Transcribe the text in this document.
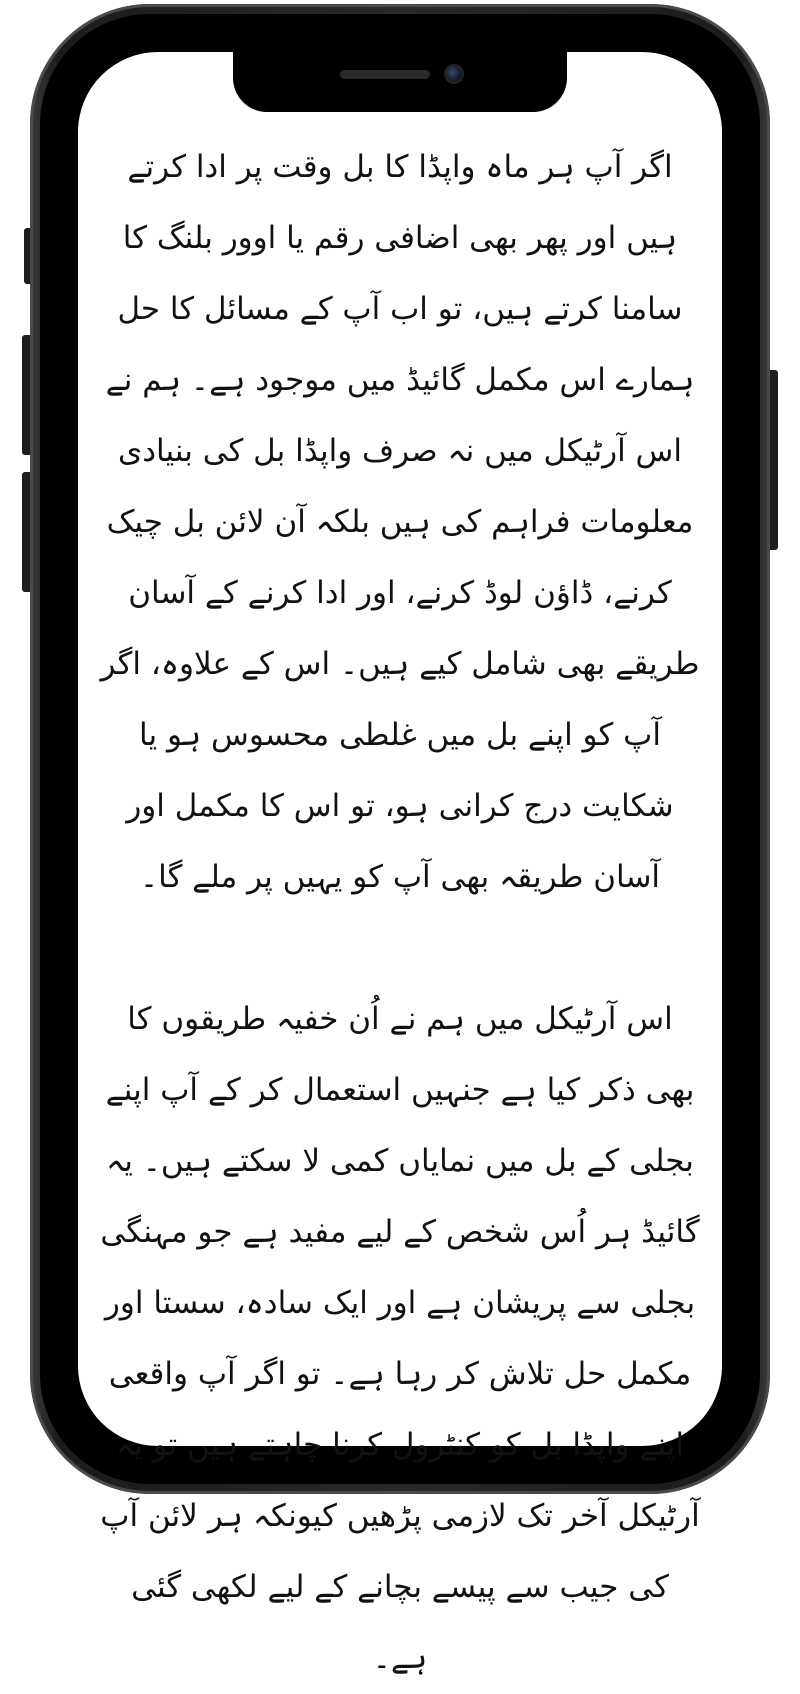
اگر آپ ہر ماہ واپڈا کا بل وقت پر ادا کرتے ہیں اور پھر بھی اضافی رقم یا اوور بلنگ کا سامنا کرتے ہیں، تو اب آپ کے مسائل کا حل ہمارے اس مکمل گائیڈ میں موجود ہے۔ ہم نے اس آرٹیکل میں نہ صرف واپڈا بل کی بنیادی معلومات فراہم کی ہیں بلکہ آن لائن بل چیک کرنے، ڈاؤن لوڈ کرنے، اور ادا کرنے کے آسان طریقے بھی شامل کیے ہیں۔ اس کے علاوہ، اگر آپ کو اپنے بل میں غلطی محسوس ہو یا شکایت درج کرانی ہو، تو اس کا مکمل اور آسان طریقہ بھی آپ کو یہیں پر ملے گا۔

اس آرٹیکل میں ہم نے اُن خفیہ طریقوں کا بھی ذکر کیا ہے جنہیں استعمال کر کے آپ اپنے بجلی کے بل میں نمایاں کمی لا سکتے ہیں۔ یہ گائیڈ ہر اُس شخص کے لیے مفید ہے جو مہنگی بجلی سے پریشان ہے اور ایک سادہ، سستا اور مکمل حل تلاش کر رہا ہے۔ تو اگر آپ واقعی اپنے واپڈا بل کو کنٹرول کرنا چاہتے ہیں تو یہ آرٹیکل آخر تک لازمی پڑھیں کیونکہ ہر لائن آپ کی جیب سے پیسے بچانے کے لیے لکھی گئی ہے۔
